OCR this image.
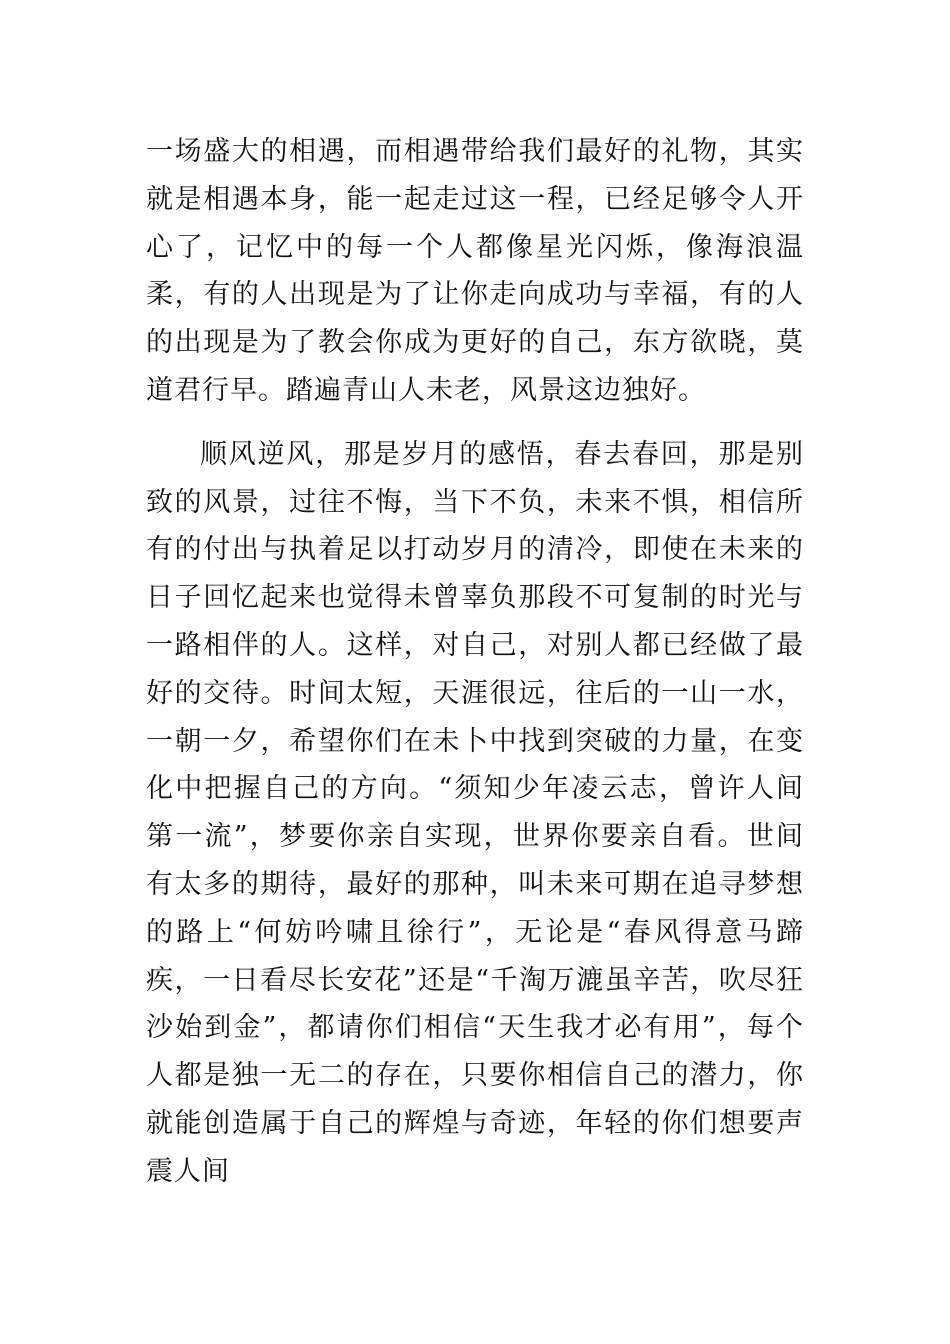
一场盛大的相遇，而相遇带给我们最好的礼物，其实就是相遇本身，能一起走过这一程，已经足够令人开心了，记忆中的每一个人都像星光闪烁，像海浪温柔，有的人出现是为了让你走向成功与幸福，有的人的出现是为了教会你成为更好的自己，东方欲晓，莫道君行早。踏遍青山人未老，风景这边独好。

顺风逆风，那是岁月的感悟，春去春回，那是别致的风景，过往不悔，当下不负，未来不惧，相信所有的付出与执着足以打动岁月的清冷，即使在未来的日子回忆起来也觉得未曾辜负那段不可复制的时光与一路相伴的人。这样，对自己，对别人都已经做了最好的交待。时间太短，天涯很远，往后的一山一水，一朝一夕，希望你们在未卜中找到突破的力量，在变化中把握自己的方向。“须知少年凌云志，曾许人间第一流”，梦要你亲自实现，世界你要亲自看。世间有太多的期待，最好的那种，叫未来可期在追寻梦想的路上“何妨吟啸且徐行”，无论是“春风得意马蹄疾，一日看尽长安花”还是“千淘万漉虽辛苦，吹尽狂沙始到金”，都请你们相信“天生我才必有用”，每个人都是独一无二的存在，只要你相信自己的潜力，你就能创造属于自己的辉煌与奇迹，年轻的你们想要声震人间
